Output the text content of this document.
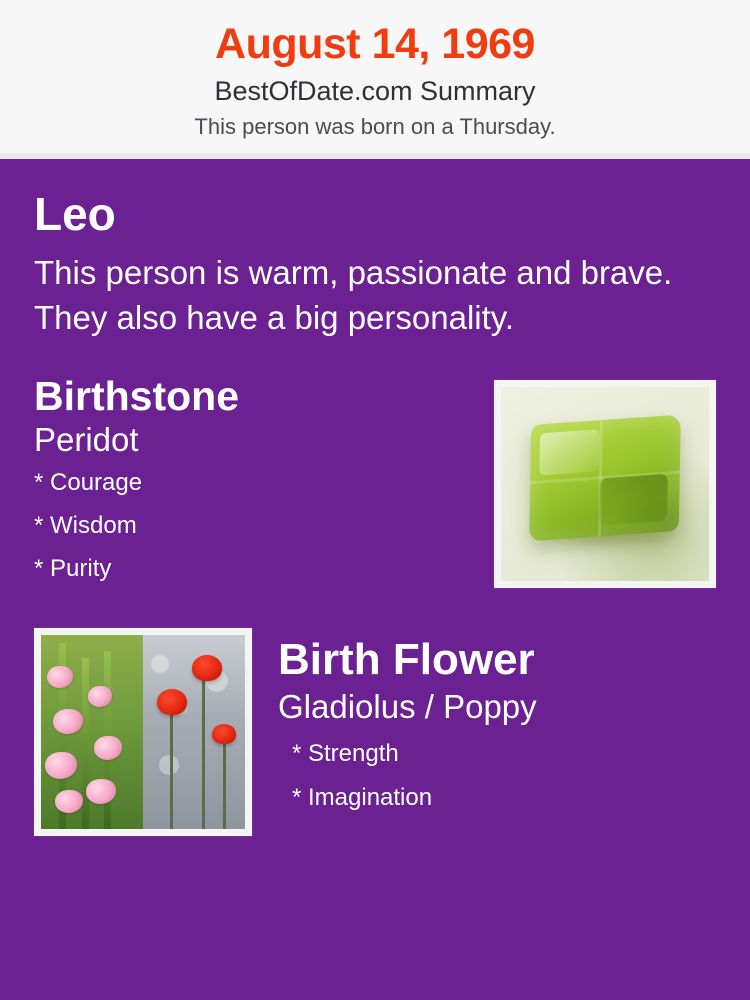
August 14, 1969
BestOfDate.com Summary
This person was born on a Thursday.
Leo
This person is warm, passionate and brave. They also have a big personality.
Birthstone
Peridot
* Courage
* Wisdom
* Purity
Birth Flower
Gladiolus / Poppy
* Strength
* Imagination
